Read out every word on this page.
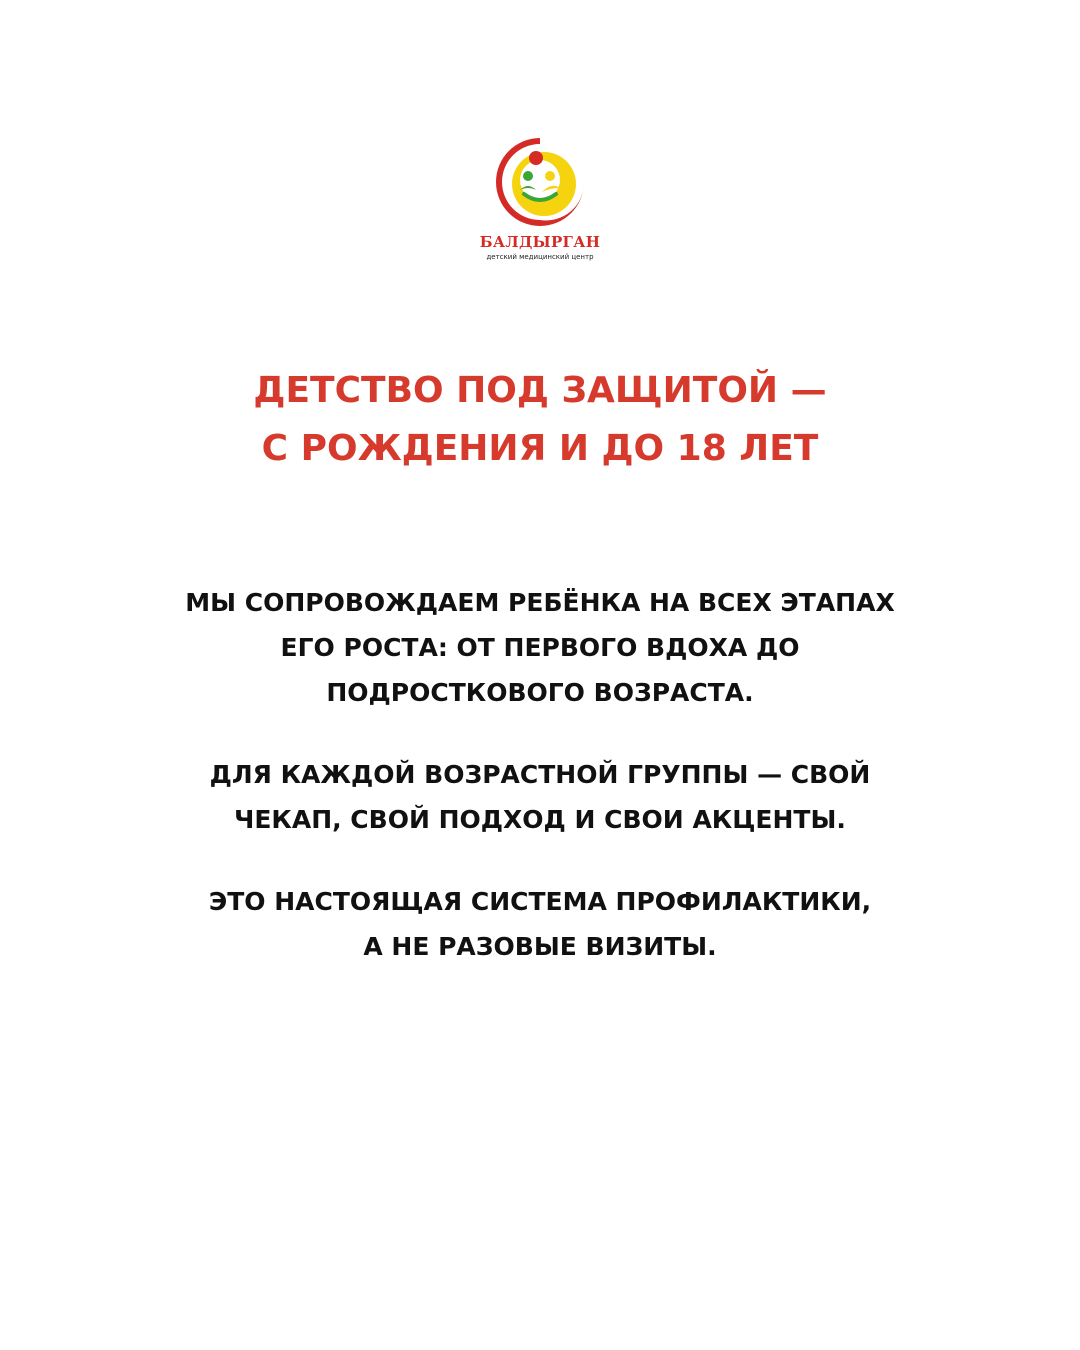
БАЛДЫРГАН
детский медицинский центр
ДЕТСТВО ПОД ЗАЩИТОЙ —
С РОЖДЕНИЯ И ДО 18 ЛЕТ

МЫ СОПРОВОЖДАЕМ РЕБЁНКА НА ВСЕХ ЭТАПАХ
ЕГО РОСТА: ОТ ПЕРВОГО ВДОХА ДО
ПОДРОСТКОВОГО ВОЗРАСТА.

ДЛЯ КАЖДОЙ ВОЗРАСТНОЙ ГРУППЫ — СВОЙ
ЧЕКАП, СВОЙ ПОДХОД И СВОИ АКЦЕНТЫ.

ЭТО НАСТОЯЩАЯ СИСТЕМА ПРОФИЛАКТИКИ,
А НЕ РАЗОВЫЕ ВИЗИТЫ.
